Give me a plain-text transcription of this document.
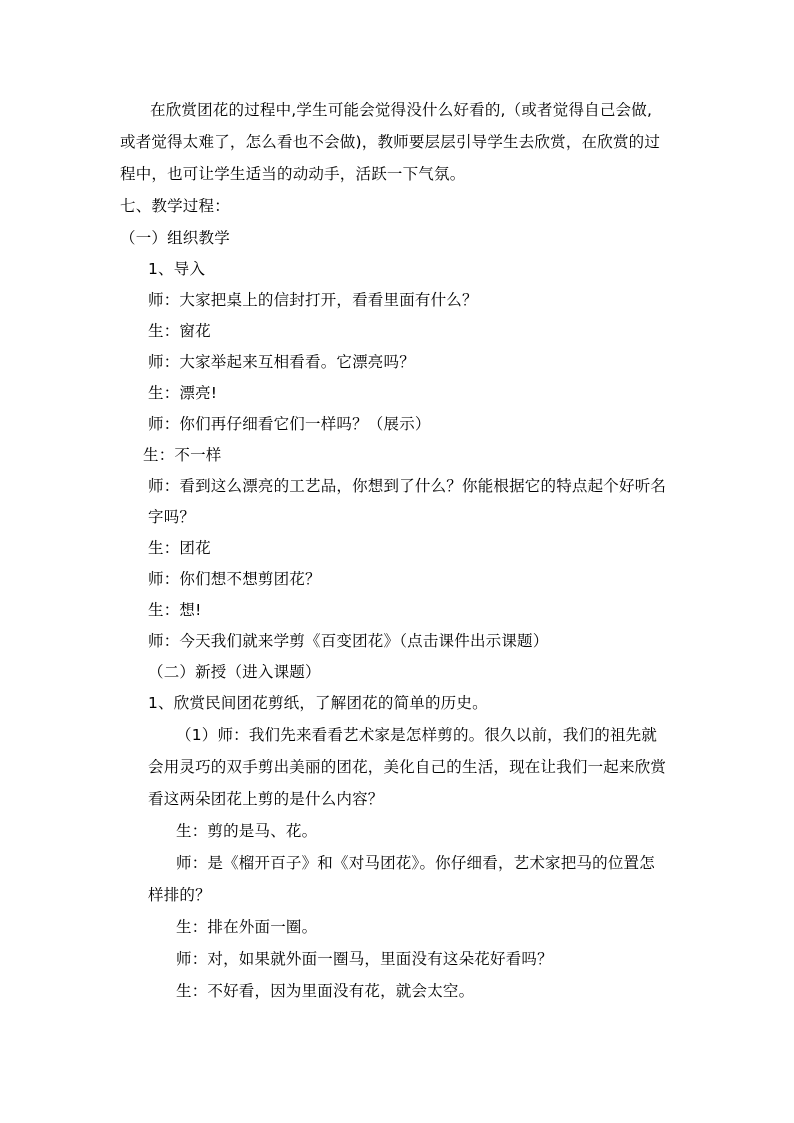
在欣赏团花的过程中,学生可能会觉得没什么好看的,（或者觉得自己会做,
或者觉得太难了，怎么看也不会做)，教师要层层引导学生去欣赏，在欣赏的过
程中，也可让学生适当的动动手，活跃一下气氛。
七、教学过程：
（一）组织教学
1、导入
师：大家把桌上的信封打开，看看里面有什么？
生：窗花
师：大家举起来互相看看。它漂亮吗？
生：漂亮!
师：你们再仔细看它们一样吗？（展示）
生：不一样
师：看到这么漂亮的工艺品，你想到了什么？你能根据它的特点起个好听名
字吗？
生：团花
师：你们想不想剪团花？
生：想!
师：今天我们就来学剪《百变团花》（点击课件出示课题）
（二）新授（进入课题）
1、欣赏民间团花剪纸，了解团花的简单的历史。
（1）师：我们先来看看艺术家是怎样剪的。很久以前，我们的祖先就
会用灵巧的双手剪出美丽的团花，美化自己的生活，现在让我们一起来欣赏
看这两朵团花上剪的是什么内容？
生：剪的是马、花。
师：是《榴开百子》和《对马团花》。你仔细看，艺术家把马的位置怎
样排的？
生：排在外面一圈。
师：对，如果就外面一圈马，里面没有这朵花好看吗？
生：不好看，因为里面没有花，就会太空。
